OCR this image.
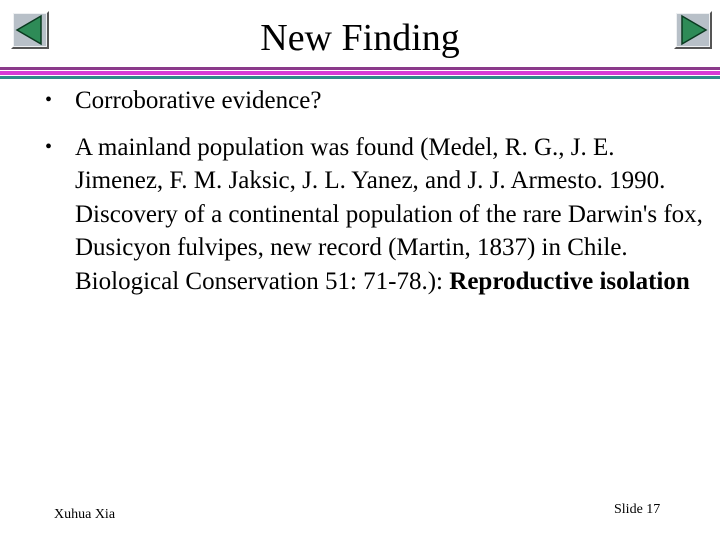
New Finding
• Corroborative evidence?
• A mainland population was found (Medel, R. G., J. E. Jimenez, F. M. Jaksic, J. L. Yanez, and J. J. Armesto. 1990. Discovery of a continental population of the rare Darwin's fox, Dusicyon fulvipes, new record (Martin, 1837) in Chile. Biological Conservation 51: 71-78.): Reproductive isolation
Xuhua Xia	Slide 17
